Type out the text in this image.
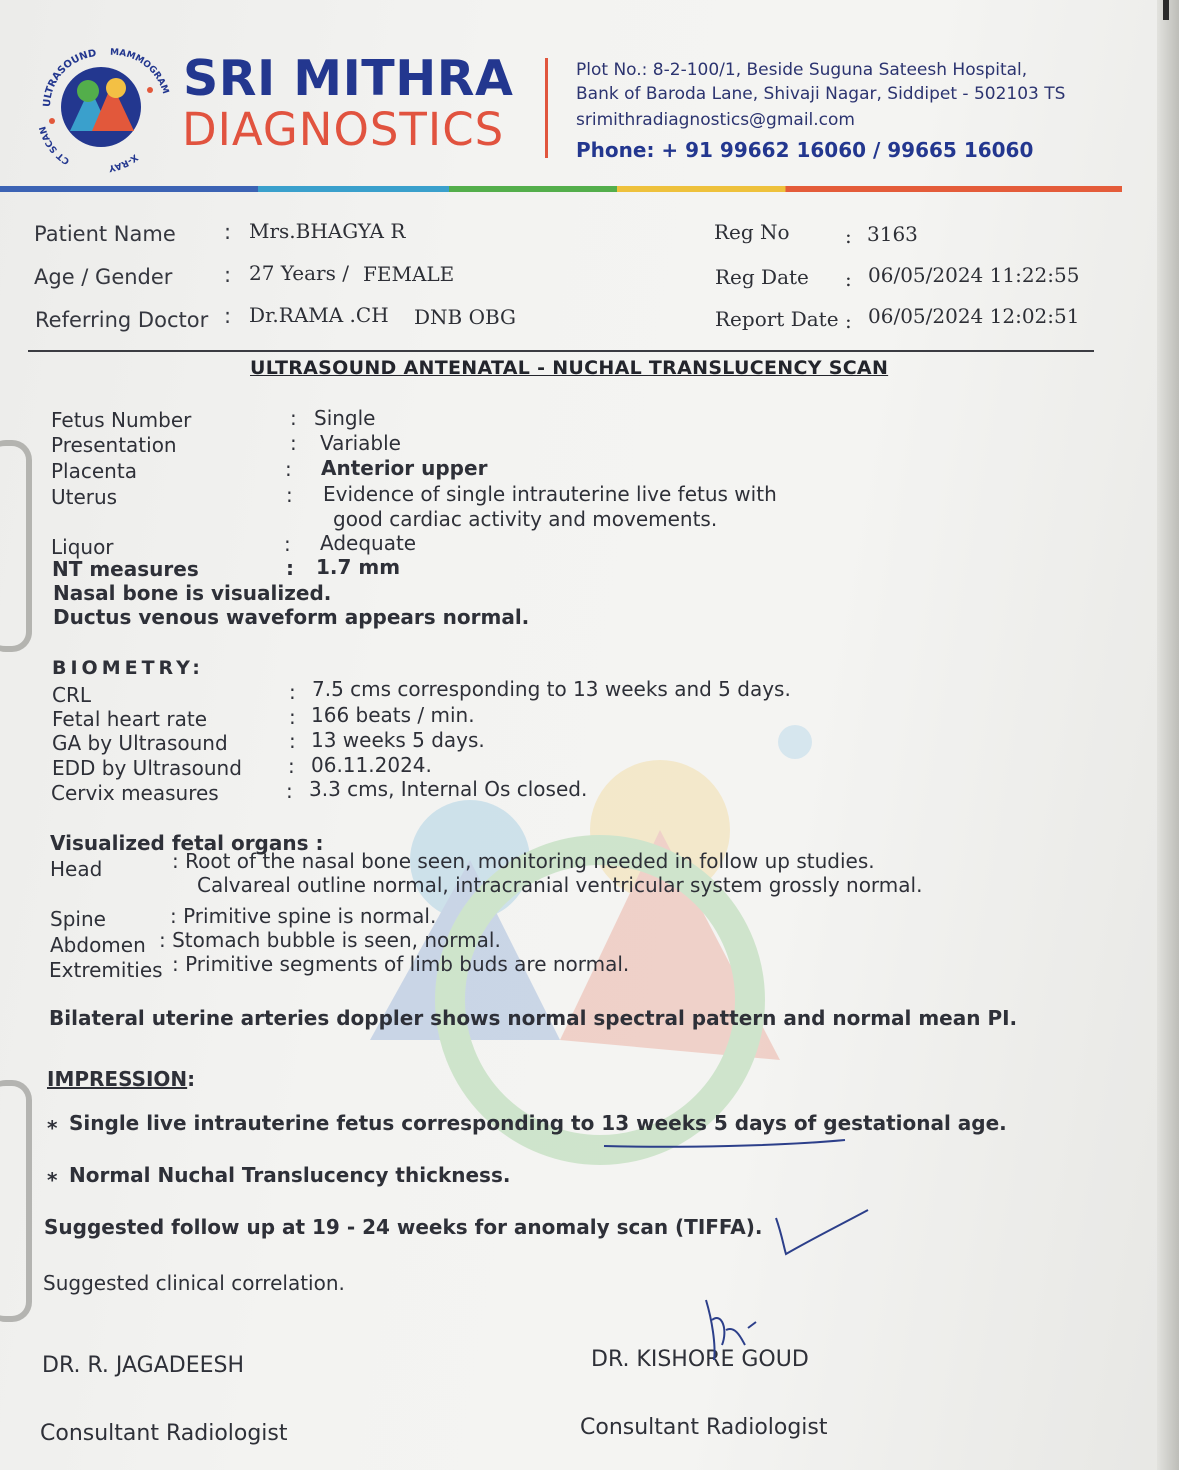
ULTRASOUND MAMMOGRAM
X-RAY
CT SCAN
SRI MITHRA
DIAGNOSTICS
Plot No.: 8-2-100/1, Beside Suguna Sateesh Hospital,
Bank of Baroda Lane, Shivaji Nagar, Siddipet - 502103 TS
srimithradiagnostics@gmail.com
Phone: + 91 99662 16060 / 99665 16060
Patient Name : Mrs.BHAGYA R
Age / Gender : 27 Years / FEMALE
Referring Doctor : Dr.RAMA .CH DNB OBG
Reg No	: 3163
Reg Date : 06/05/2024 11:22:55
Report Date : 06/05/2024 12:02:51
ULTRASOUND ANTENATAL - NUCHAL TRANSLUCENCY SCAN
Fetus Number	: Single
Presentation	: Variable
Placenta	: Anterior upper
Uterus	: Evidence of single intrauterine live fetus with
good cardiac activity and movements.
Liquor	: Adequate
NT measures	: 1.7 mm
Nasal bone is visualized.
Ductus venous waveform appears normal.
BIOMETRY:
CRL	: 7.5 cms corresponding to 13 weeks and 5 days.
Fetal heart rate	: 166 beats / min.
GA by Ultrasound	: 13 weeks 5 days.
EDD by Ultrasound : 06.11.2024.
Cervix measures	: 3.3 cms, Internal Os closed.
Visualized fetal organs :
Head	: Root of the nasal bone seen, monitoring needed in follow up studies.
Calvareal outline normal, intracranial ventricular system grossly normal.
Spine	: Primitive spine is normal.
Abdomen : Stomach bubble is seen, normal.
Extremities : Primitive segments of limb buds are normal.
Bilateral uterine arteries doppler shows normal spectral pattern and normal mean PI.
IMPRESSION:
* Single live intrauterine fetus corresponding to 13 weeks 5 days of gestational age.
* Normal Nuchal Translucency thickness.
Suggested follow up at 19 - 24 weeks for anomaly scan (TIFFA).
Suggested clinical correlation.
DR. R. JAGADEESH
Consultant Radiologist
DR. KISHORE GOUD
Consultant Radiologist
